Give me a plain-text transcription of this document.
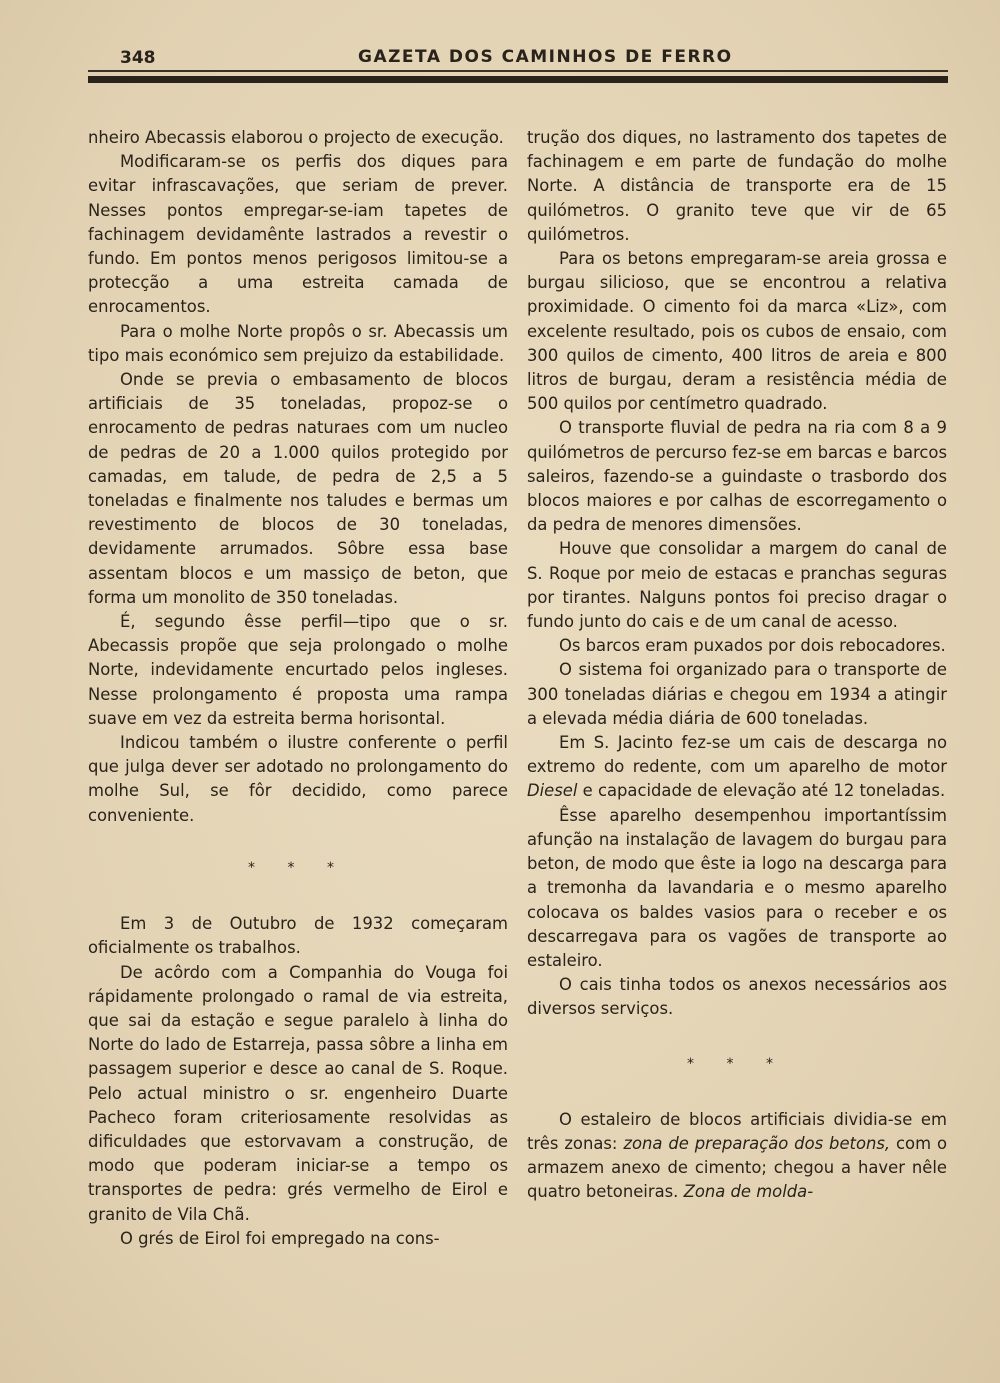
348	GAZETA DOS CAMINHOS DE FERRO

nheiro Abecassis elaborou o projecto de execução.

Modificaram-se os perfis dos diques para evitar infrascavações, que seriam de prever. Nesses pontos empregar-se-iam tapetes de fachinagem devidamênte lastrados a revestir o fundo. Em pontos menos perigosos limitou-se a protecção a uma estreita camada de enrocamentos.

Para o molhe Norte propôs o sr. Abecassis um tipo mais económico sem prejuizo da estabilidade.

Onde se previa o embasamento de blocos artificiais de 35 toneladas, propoz-se o enrocamento de pedras naturaes com um nucleo de pedras de 20 a 1.000 quilos protegido por camadas, em talude, de pedra de 2,5 a 5 toneladas e finalmente nos taludes e bermas um revestimento de blocos de 30 toneladas, devidamente arrumados. Sôbre essa base assentam blocos e um massiço de beton, que forma um monolito de 350 toneladas.

É, segundo êsse perfil—tipo que o sr. Abecassis propõe que seja prolongado o molhe Norte, indevidamente encurtado pelos ingleses. Nesse prolongamento é proposta uma rampa suave em vez da estreita berma horisontal.

Indicou também o ilustre conferente o perfil que julga dever ser adotado no prolongamento do molhe Sul, se fôr decidido, como parece conveniente.

* * *

Em 3 de Outubro de 1932 começaram oficialmente os trabalhos.

De acôrdo com a Companhia do Vouga foi rápidamente prolongado o ramal de via estreita, que sai da estação e segue paralelo à linha do Norte do lado de Estarreja, passa sôbre a linha em passagem superior e desce ao canal de S. Roque. Pelo actual ministro o sr. engenheiro Duarte Pacheco foram criteriosamente resolvidas as dificuldades que estorvavam a construção, de modo que poderam iniciar-se a tempo os transportes de pedra: grés vermelho de Eirol e granito de Vila Chã.

O grés de Eirol foi empregado na cons-

trução dos diques, no lastramento dos tapetes de fachinagem e em parte de fundação do molhe Norte. A distância de transporte era de 15 quilómetros. O granito teve que vir de 65 quilómetros.

Para os betons empregaram-se areia grossa e burgau silicioso, que se encontrou a relativa proximidade. O cimento foi da marca «Liz», com excelente resultado, pois os cubos de ensaio, com 300 quilos de cimento, 400 litros de areia e 800 litros de burgau, deram a resistência média de 500 quilos por centímetro quadrado.

O transporte fluvial de pedra na ria com 8 a 9 quilómetros de percurso fez-se em barcas e barcos saleiros, fazendo-se a guindaste o trasbordo dos blocos maiores e por calhas de escorregamento o da pedra de menores dimensões.

Houve que consolidar a margem do canal de S. Roque por meio de estacas e pranchas seguras por tirantes. Nalguns pontos foi preciso dragar o fundo junto do cais e de um canal de acesso.

Os barcos eram puxados por dois rebocadores.

O sistema foi organizado para o transporte de 300 toneladas diárias e chegou em 1934 a atingir a elevada média diária de 600 toneladas.

Em S. Jacinto fez-se um cais de descarga no extremo do redente, com um aparelho de motor Diesel e capacidade de elevação até 12 toneladas.

Êsse aparelho desempenhou importantíssim afunção na instalação de lavagem do burgau para beton, de modo que êste ia logo na descarga para a tremonha da lavandaria e o mesmo aparelho colocava os baldes vasios para o receber e os descarregava para os vagões de transporte ao estaleiro.

O cais tinha todos os anexos necessários aos diversos serviços.

* * *

O estaleiro de blocos artificiais dividia-se em três zonas: zona de preparação dos betons, com o armazem anexo de cimento; chegou a haver nêle quatro betoneiras. Zona de molda-
